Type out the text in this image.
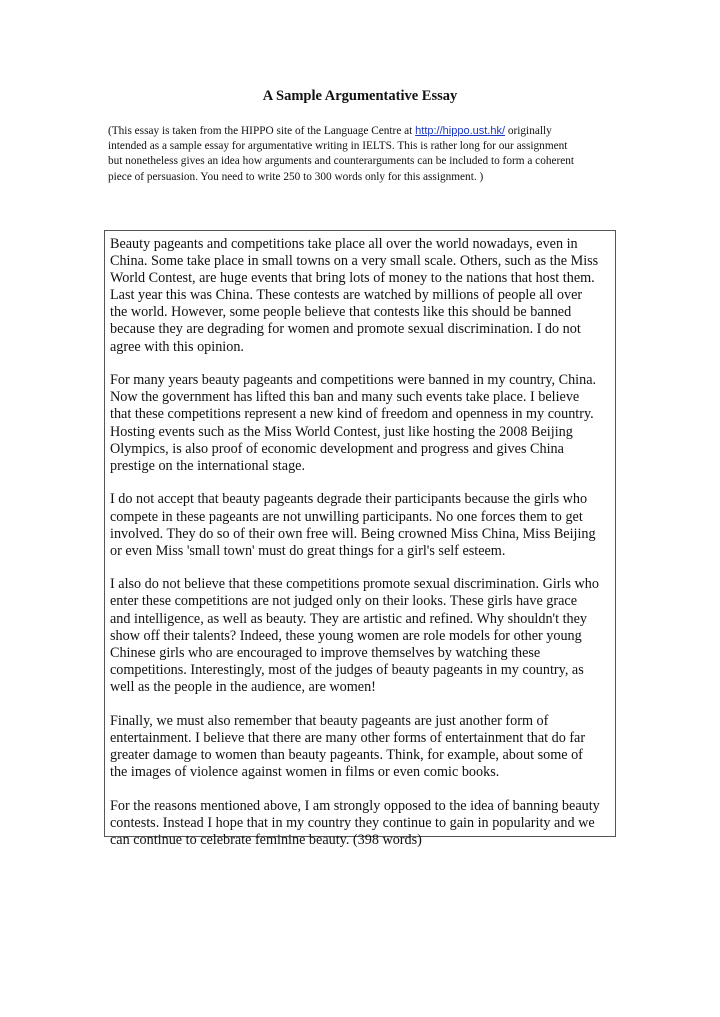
A Sample Argumentative Essay
(This essay is taken from the HIPPO site of the Language Centre at http://hippo.ust.hk/ originally
intended as a sample essay for argumentative writing in IELTS. This is rather long for our assignment
but nonetheless gives an idea how arguments and counterarguments can be included to form a coherent
piece of persuasion. You need to write 250 to 300 words only for this assignment. )
Beauty pageants and competitions take place all over the world nowadays, even in
China. Some take place in small towns on a very small scale. Others, such as the Miss
World Contest, are huge events that bring lots of money to the nations that host them.
Last year this was China. These contests are watched by millions of people all over
the world. However, some people believe that contests like this should be banned
because they are degrading for women and promote sexual discrimination. I do not
agree with this opinion.
For many years beauty pageants and competitions were banned in my country, China.
Now the government has lifted this ban and many such events take place. I believe
that these competitions represent a new kind of freedom and openness in my country.
Hosting events such as the Miss World Contest, just like hosting the 2008 Beijing
Olympics, is also proof of economic development and progress and gives China
prestige on the international stage.
I do not accept that beauty pageants degrade their participants because the girls who
compete in these pageants are not unwilling participants. No one forces them to get
involved. They do so of their own free will. Being crowned Miss China, Miss Beijing
or even Miss 'small town' must do great things for a girl's self esteem.
I also do not believe that these competitions promote sexual discrimination. Girls who
enter these competitions are not judged only on their looks. These girls have grace
and intelligence, as well as beauty. They are artistic and refined. Why shouldn't they
show off their talents? Indeed, these young women are role models for other young
Chinese girls who are encouraged to improve themselves by watching these
competitions. Interestingly, most of the judges of beauty pageants in my country, as
well as the people in the audience, are women!
Finally, we must also remember that beauty pageants are just another form of
entertainment. I believe that there are many other forms of entertainment that do far
greater damage to women than beauty pageants. Think, for example, about some of
the images of violence against women in films or even comic books.
For the reasons mentioned above, I am strongly opposed to the idea of banning beauty
contests. Instead I hope that in my country they continue to gain in popularity and we
can continue to celebrate feminine beauty. (398 words)
